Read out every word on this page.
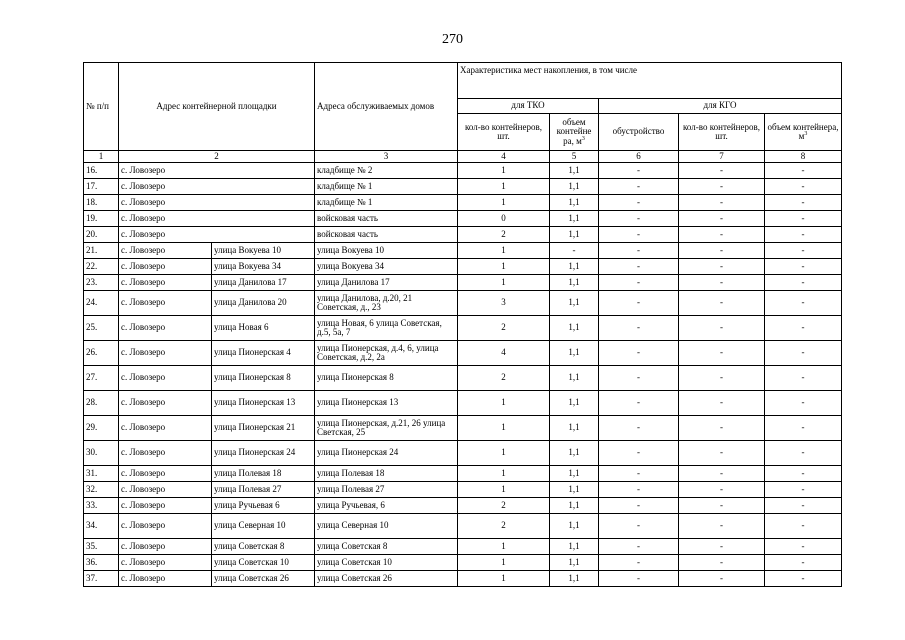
270
№ п/п	Адрес контейнерной площадки		Адреса обслуживаемых домов	Характеристика мест накопления, в том числе				
				для ТКО		для КГО		
				кол-во контейнеров, шт.	объем контейне ра, $м^3$	обустройство	кол-во контейнеров, шт.	объем контейнера, $м^3$
1	2		3	4	5	6	7	8
16.	с. Ловозеро		кладбище № 2	1	1,1	-	-	-
17.	с. Ловозеро		кладбище № 1	1	1,1	-	-	-
18.	с. Ловозеро		кладбище № 1	1	1,1	-	-	-
19.	с. Ловозеро		войсковая часть	0	1,1	-	-	-
20.	с. Ловозеро		войсковая часть	2	1,1	-	-	-
21.	с. Ловозеро	улица Вокуева 10	улица Вокуева 10	1	-	-	-	-
22.	с. Ловозеро	улица Вокуева 34	улица Вокуева 34	1	1,1	-	-	-
23.	с. Ловозеро	улица Данилова 17	улица Данилова 17	1	1,1	-	-	-
24.	с. Ловозеро	улица Данилова 20	улица Данилова, д.20, 21 Советская, д., 23	3	1,1	-	-	-
25.	с. Ловозеро	улица Новая 6	улица Новая, 6 улица Советская, д.5, 5а, 7	2	1,1	-	-	-
26.	с. Ловозеро	улица Пионерская 4	улица Пионерская, д.4, 6, улица Советская, д.2, 2а	4	1,1	-	-	-
27.	с. Ловозеро	улица Пионерская 8	улица Пионерская 8	2	1,1	-	-	-
28.	с. Ловозеро	улица Пионерская 13	улица Пионерская 13	1	1,1	-	-	-
29.	с. Ловозеро	улица Пионерская 21	улица Пионерская, д.21, 26 улица Светская, 25	1	1,1	-	-	-
30.	с. Ловозеро	улица Пионерская 24	улица Пионерская 24	1	1,1	-	-	-
31.	с. Ловозеро	улица Полевая 18	улица Полевая 18	1	1,1	-	-	-
32.	с. Ловозеро	улица Полевая 27	улица Полевая 27	1	1,1	-	-	-
33.	с. Ловозеро	улица Ручьевая 6	улица Ручьевая, 6	2	1,1	-	-	-
34.	с. Ловозеро	улица Северная 10	улица Северная 10	2	1,1	-	-	-
35.	с. Ловозеро	улица Советская 8	улица Советская 8	1	1,1	-	-	-
36.	с. Ловозеро	улица Советская 10	улица Советская 10	1	1,1	-	-	-
37.	с. Ловозеро	улица Советская 26	улица Советская 26	1	1,1	-	-	-
